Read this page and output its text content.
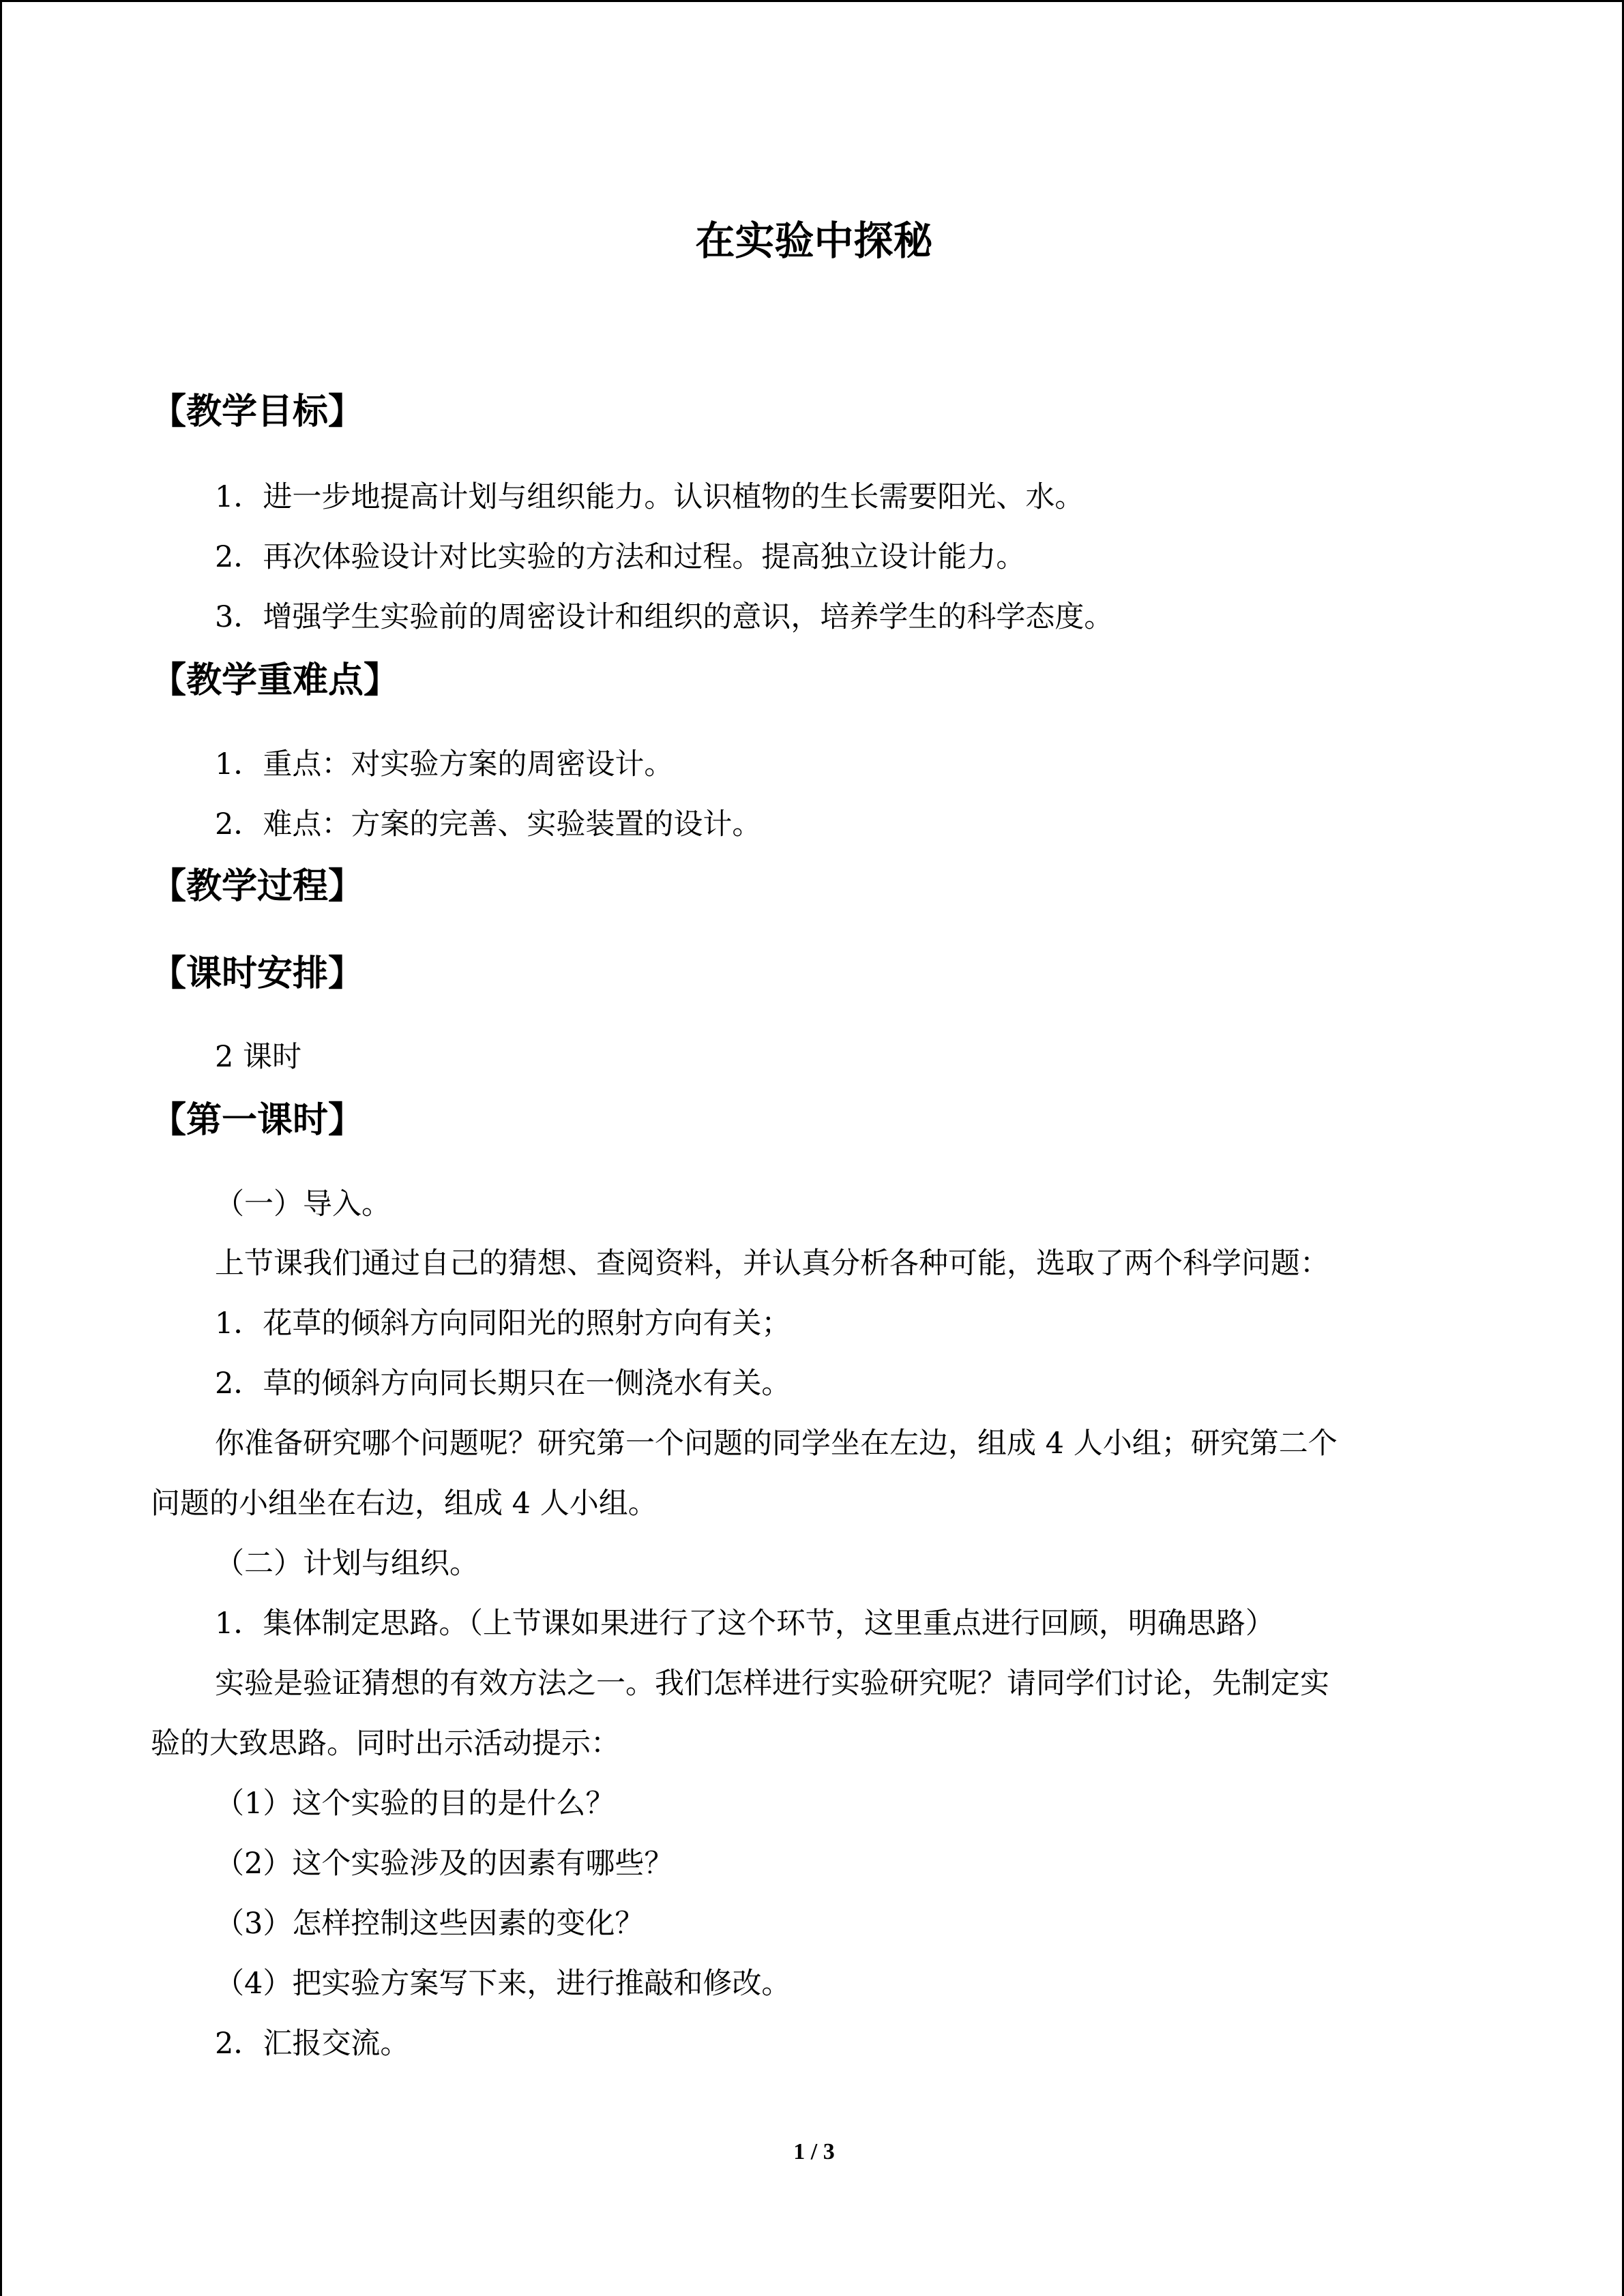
在实验中探秘
【教学目标】
1．进一步地提高计划与组织能力。认识植物的生长需要阳光、水。
2．再次体验设计对比实验的方法和过程。提高独立设计能力。
3．增强学生实验前的周密设计和组织的意识，培养学生的科学态度。
【教学重难点】
1．重点：对实验方案的周密设计。
2．难点：方案的完善、实验装置的设计。
【教学过程】
【课时安排】
2 课时
【第一课时】
（一）导入。
上节课我们通过自己的猜想、查阅资料，并认真分析各种可能，选取了两个科学问题：
1．花草的倾斜方向同阳光的照射方向有关；
2．草的倾斜方向同长期只在一侧浇水有关。
你准备研究哪个问题呢？研究第一个问题的同学坐在左边，组成 4 人小组；研究第二个
问题的小组坐在右边，组成 4 人小组。
（二）计划与组织。
1．集体制定思路。（上节课如果进行了这个环节，这里重点进行回顾，明确思路）
实验是验证猜想的有效方法之一。我们怎样进行实验研究呢？请同学们讨论，先制定实
验的大致思路。同时出示活动提示：
（1）这个实验的目的是什么？
（2）这个实验涉及的因素有哪些？
（3）怎样控制这些因素的变化？
（4）把实验方案写下来，进行推敲和修改。
2．汇报交流。
1 / 3
